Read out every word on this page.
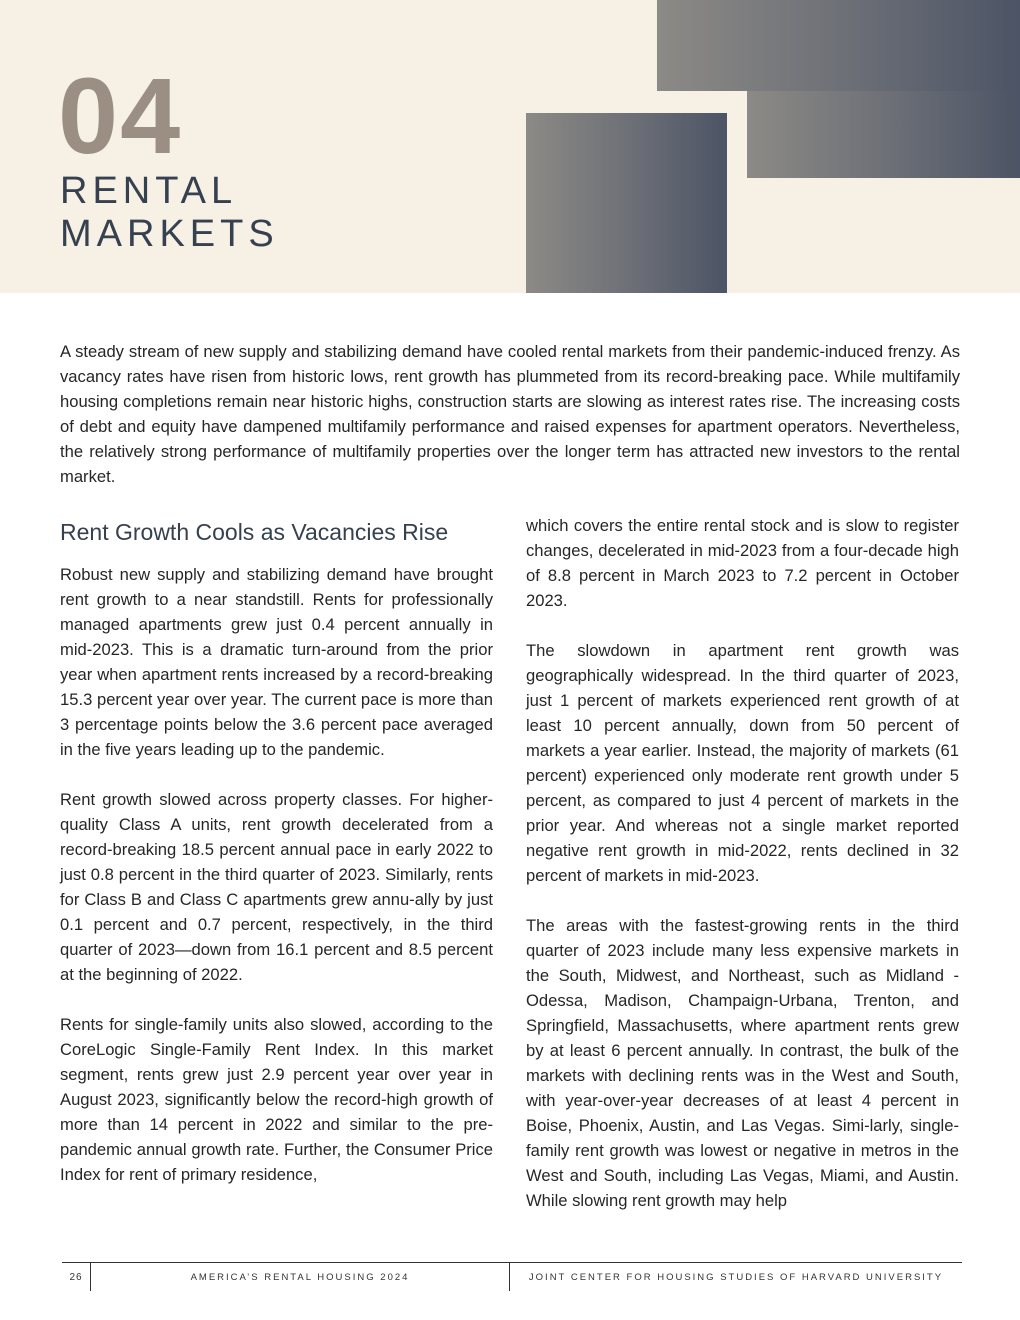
04
RENTAL
MARKETS

A steady stream of new supply and stabilizing demand have cooled rental markets from their pandemic-induced frenzy. As vacancy rates have risen from historic lows, rent growth has plummeted from its record-breaking pace. While multifamily housing completions remain near historic highs, construction starts are slowing as interest rates rise. The increasing costs of debt and equity have dampened multifamily performance and raised expenses for apartment operators. Nevertheless, the relatively strong performance of multifamily properties over the longer term has attracted new investors to the rental market.

Rent Growth Cools as Vacancies Rise

Robust new supply and stabilizing demand have brought rent growth to a near standstill. Rents for professionally managed apartments grew just 0.4 percent annually in mid-2023. This is a dramatic turn-around from the prior year when apartment rents increased by a record-breaking 15.3 percent year over year. The current pace is more than 3 percentage points below the 3.6 percent pace averaged in the five years leading up to the pandemic.

Rent growth slowed across property classes. For higher-quality Class A units, rent growth decelerated from a record-breaking 18.5 percent annual pace in early 2022 to just 0.8 percent in the third quarter of 2023. Similarly, rents for Class B and Class C apartments grew annu-ally by just 0.1 percent and 0.7 percent, respectively, in the third quarter of 2023—down from 16.1 percent and 8.5 percent at the beginning of 2022.

Rents for single-family units also slowed, according to the CoreLogic Single-Family Rent Index. In this market segment, rents grew just 2.9 percent year over year in August 2023, significantly below the record-high growth of more than 14 percent in 2022 and similar to the pre-pandemic annual growth rate. Further, the Consumer Price Index for rent of primary residence,

which covers the entire rental stock and is slow to register changes, decelerated in mid-2023 from a four-decade high of 8.8 percent in March 2023 to 7.2 percent in October 2023.

The slowdown in apartment rent growth was geographically widespread. In the third quarter of 2023, just 1 percent of markets experienced rent growth of at least 10 percent annually, down from 50 percent of markets a year earlier. Instead, the majority of markets (61 percent) experienced only moderate rent growth under 5 percent, as compared to just 4 percent of markets in the prior year. And whereas not a single market reported negative rent growth in mid-2022, rents declined in 32 percent of markets in mid-2023.

The areas with the fastest-growing rents in the third quarter of 2023 include many less expensive markets in the South, Midwest, and Northeast, such as Midland -Odessa, Madison, Champaign-Urbana, Trenton, and Springfield, Massachusetts, where apartment rents grew by at least 6 percent annually. In contrast, the bulk of the markets with declining rents was in the West and South, with year-over-year decreases of at least 4 percent in Boise, Phoenix, Austin, and Las Vegas. Simi-larly, single-family rent growth was lowest or negative in metros in the West and South, including Las Vegas, Miami, and Austin. While slowing rent growth may help

26	AMERICA’S RENTAL HOUSING 2024	JOINT CENTER FOR HOUSING STUDIES OF HARVARD UNIVERSITY
